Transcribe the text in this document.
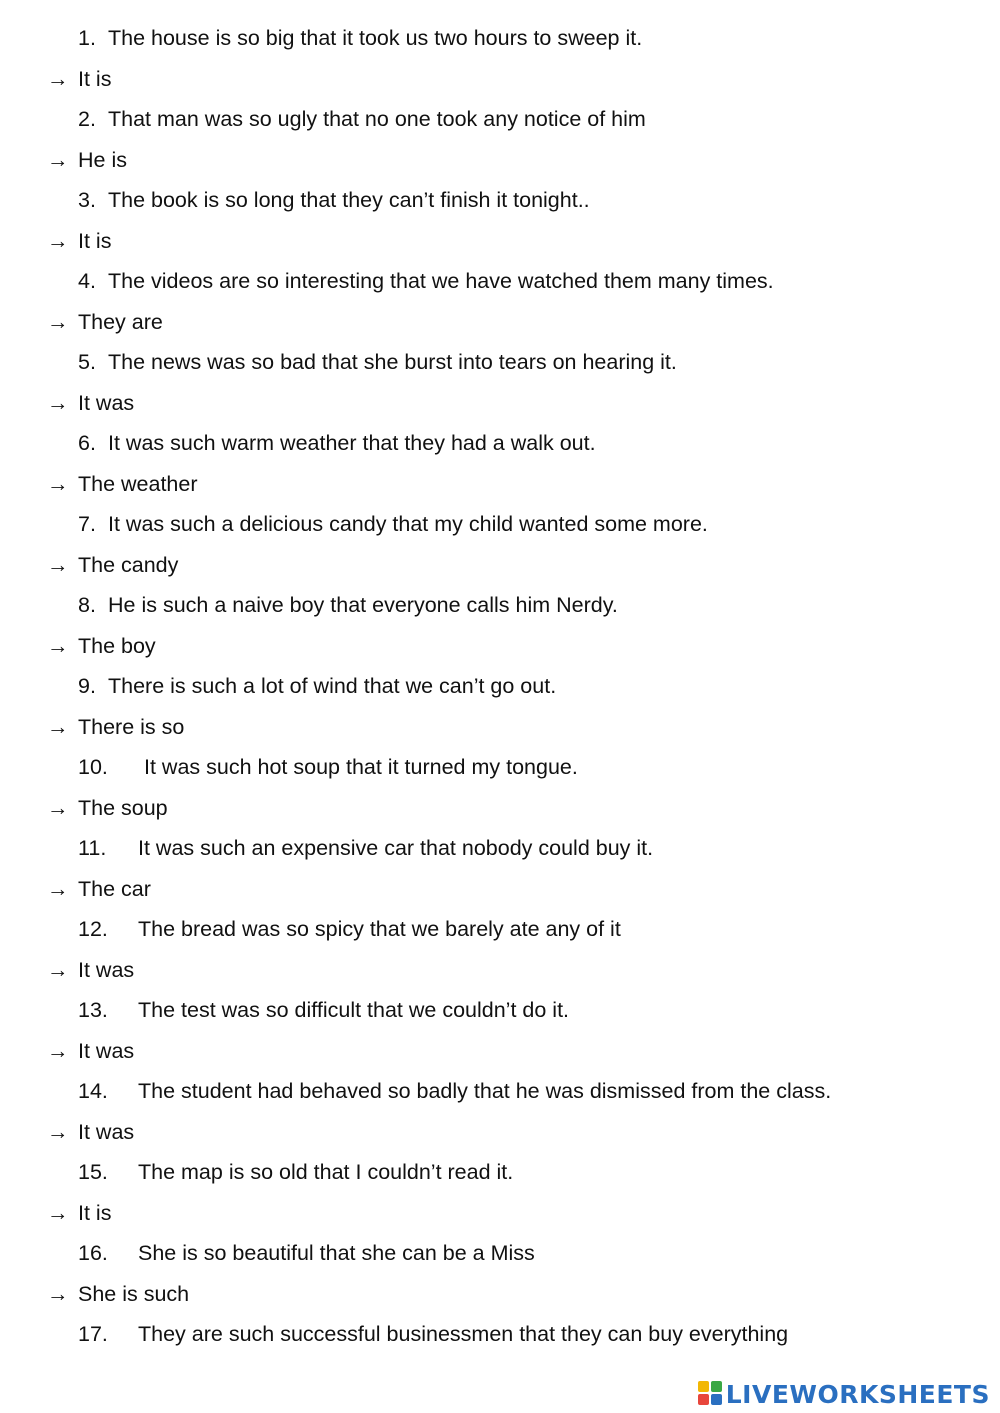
1. The house is so big that it took us two hours to sweep it.
→ It is
2. That man was so ugly that no one took any notice of him
→ He is
3. The book is so long that they can’t finish it tonight..
→ It is
4. The videos are so interesting that we have watched them many times.
→ They are
5. The news was so bad that she burst into tears on hearing it.
→ It was
6. It was such warm weather that they had a walk out.
→ The weather
7. It was such a delicious candy that my child wanted some more.
→ The candy
8. He is such a naive boy that everyone calls him Nerdy.
→ The boy
9. There is such a lot of wind that we can’t go out.
→ There is so
10. It was such hot soup that it turned my tongue.
→ The soup
11. It was such an expensive car that nobody could buy it.
→ The car
12. The bread was so spicy that we barely ate any of it
→ It was
13. The test was so difficult that we couldn’t do it.
→ It was
14. The student had behaved so badly that he was dismissed from the class.
→ It was
15. The map is so old that I couldn’t read it.
→ It is
16. She is so beautiful that she can be a Miss
→ She is such
17. They are such successful businessmen that they can buy everything
LIVEWORKSHEETS
